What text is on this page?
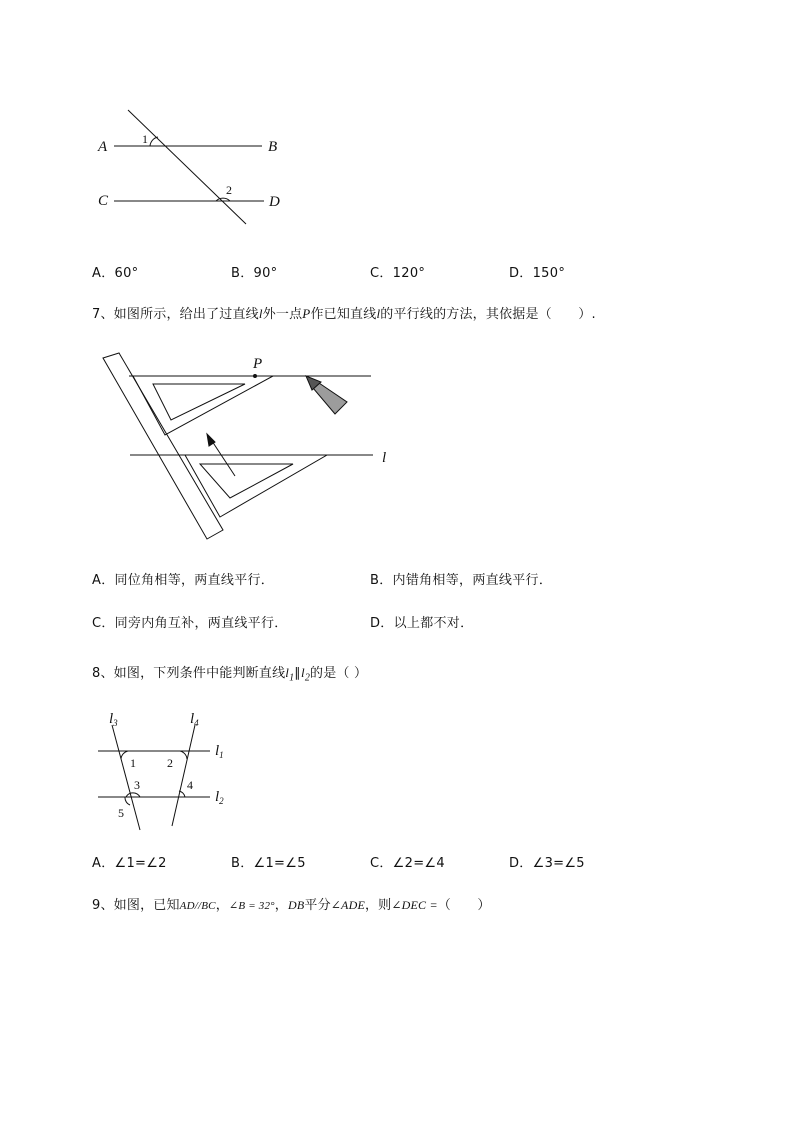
A	B
C	D
1
2
A．60°	B．90°	C．120°	D．150°
7、如图所示，给出了过直线l外一点P作已知直线l的平行线的方法，其依据是（　　）.
P
l
A．同位角相等，两直线平行．	B．内错角相等，两直线平行．
C．同旁内角互补，两直线平行．	D．以上都不对．
8、如图，下列条件中能判断直线$l_1\parallel l_2$的是（ ）
$l_3$	$l_4$
$l_1$
$l_2$
1	2
3	4
5
A．∠1=∠2	B．∠1=∠5	C．∠2=∠4	D．∠3=∠5
9、如图，已知AD//BC，∠B = 32°，DB平分∠ADE，则∠DEC =（　　）
